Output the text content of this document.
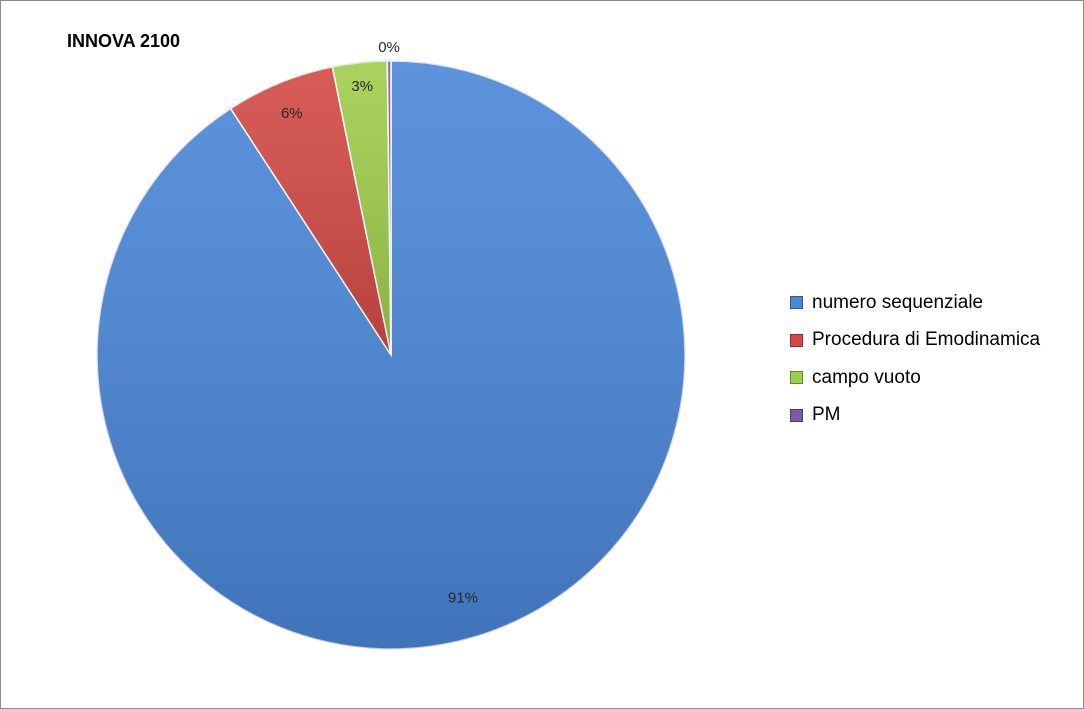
INNOVA 2100
91%
6%
3%
0%
numero sequenziale
Procedura di Emodinamica
campo vuoto
PM
